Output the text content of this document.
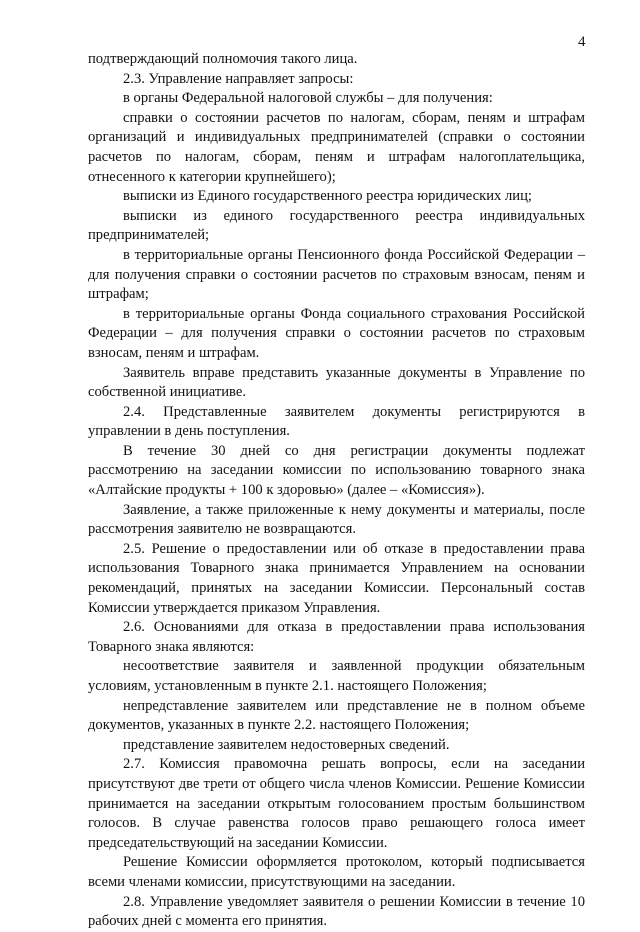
4

подтверждающий полномочия такого лица.

2.3. Управление направляет запросы:

в органы Федеральной налоговой службы – для получения:

справки о состоянии расчетов по налогам, сборам, пеням и штрафам организаций и индивидуальных предпринимателей (справки о состоянии расчетов по налогам, сборам, пеням и штрафам налогоплательщика, отнесенного к категории крупнейшего);

выписки из Единого государственного реестра юридических лиц;

выписки из единого государственного реестра индивидуальных предпринимателей;

в территориальные органы Пенсионного фонда Российской Федерации – для получения справки о состоянии расчетов по страховым взносам, пеням и штрафам;

в территориальные органы Фонда социального страхования Российской Федерации – для получения справки о состоянии расчетов по страховым взносам, пеням и штрафам.

Заявитель вправе представить указанные документы в Управление по собственной инициативе.

2.4. Представленные заявителем документы регистрируются в управлении в день поступления.

В течение 30 дней со дня регистрации документы подлежат рассмотрению на заседании комиссии по использованию товарного знака «Алтайские продукты + 100 к здоровью» (далее – «Комиссия»).

Заявление, а также приложенные к нему документы и материалы, после рассмотрения заявителю не возвращаются.

2.5. Решение о предоставлении или об отказе в предоставлении права использования Товарного знака принимается Управлением на основании рекомендаций, принятых на заседании Комиссии. Персональный состав Комиссии утверждается приказом Управления.

2.6. Основаниями для отказа в предоставлении права использования Товарного знака являются:

несоответствие заявителя и заявленной продукции обязательным условиям, установленным в пункте 2.1. настоящего Положения;

непредставление заявителем или представление не в полном объеме документов, указанных в пункте 2.2. настоящего Положения;

представление заявителем недостоверных сведений.

2.7. Комиссия правомочна решать вопросы, если на заседании присутствуют две трети от общего числа членов Комиссии. Решение Комиссии принимается на заседании открытым голосованием простым большинством голосов. В случае равенства голосов право решающего голоса имеет председательствующий на заседании Комиссии.

Решение Комиссии оформляется протоколом, который подписывается всеми членами комиссии, присутствующими на заседании.

2.8. Управление уведомляет заявителя о решении Комиссии в течение 10 рабочих дней с момента его принятия.
